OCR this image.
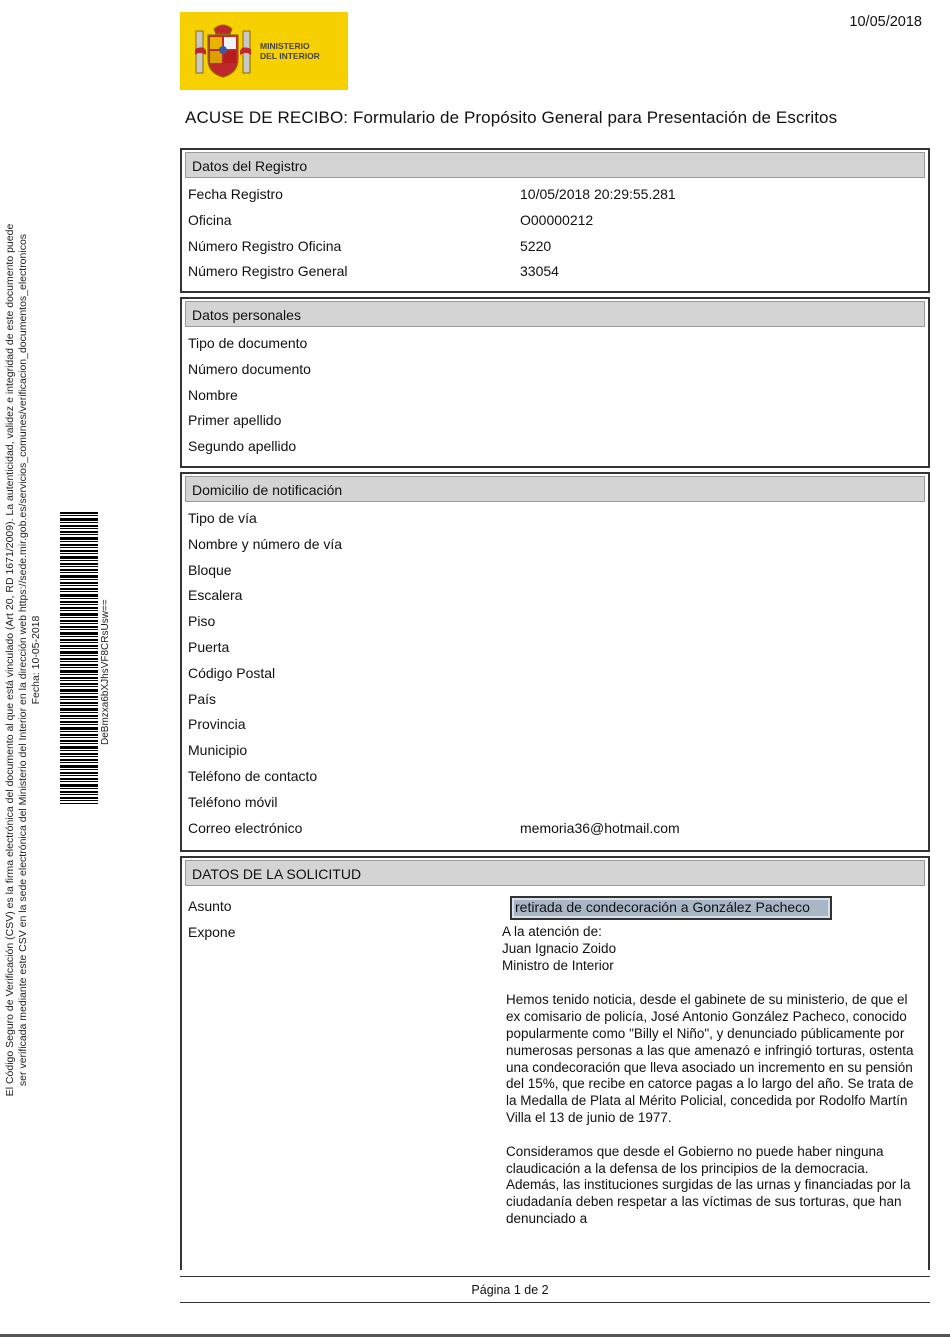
El Código Seguro de Verificación (CSV) es la firma electrónica del documento al que está vinculado (Art 20, RD 1671/2009). La autenticidad, validez e integridad de este documento puede ser verificada mediante este CSV en la sede electrónica del Ministerio del Interior en la dirección web https://sede.mir.gob.es/servicios_comunes/verificacion_documentos_electronicos Fecha: 10-05-2018	DeBmzxa6bXJhsVF8CRsUsw==
MINISTERIO
DEL INTERIOR
10/05/2018
ACUSE DE RECIBO: Formulario de Propósito General para Presentación de Escritos
Datos del Registro
Fecha Registro	10/05/2018 20:29:55.281
Oficina	O00000212
Número Registro Oficina	5220
Número Registro General	33054
Datos personales
Tipo de documento
Número documento
Nombre
Primer apellido
Segundo apellido
Domicilio de notificación
Tipo de vía
Nombre y número de vía
Bloque
Escalera
Piso
Puerta
Código Postal
País
Provincia
Municipio
Teléfono de contacto
Teléfono móvil
Correo electrónico	memoria36@hotmail.com
DATOS DE LA SOLICITUD
Asunto	retirada de condecoración a González Pacheco
Expone	A la atención de:
Juan Ignacio Zoido
Ministro de Interior

Hemos tenido noticia, desde el gabinete de su ministerio, de que el ex comisario de policía, José Antonio González Pacheco, conocido popularmente como "Billy el Niño", y denunciado públicamente por numerosas personas a las que amenazó e infringió torturas, ostenta una condecoración que lleva asociado un incremento en su pensión del 15%, que recibe en catorce pagas a lo largo del año. Se trata de la Medalla de Plata al Mérito Policial, concedida por Rodolfo Martín Villa el 13 de junio de 1977.

Consideramos que desde el Gobierno no puede haber ninguna claudicación a la defensa de los principios de la democracia. Además, las instituciones surgidas de las urnas y financiadas por la ciudadanía deben respetar a las víctimas de sus torturas, que han denunciado a

Página 1 de 2
